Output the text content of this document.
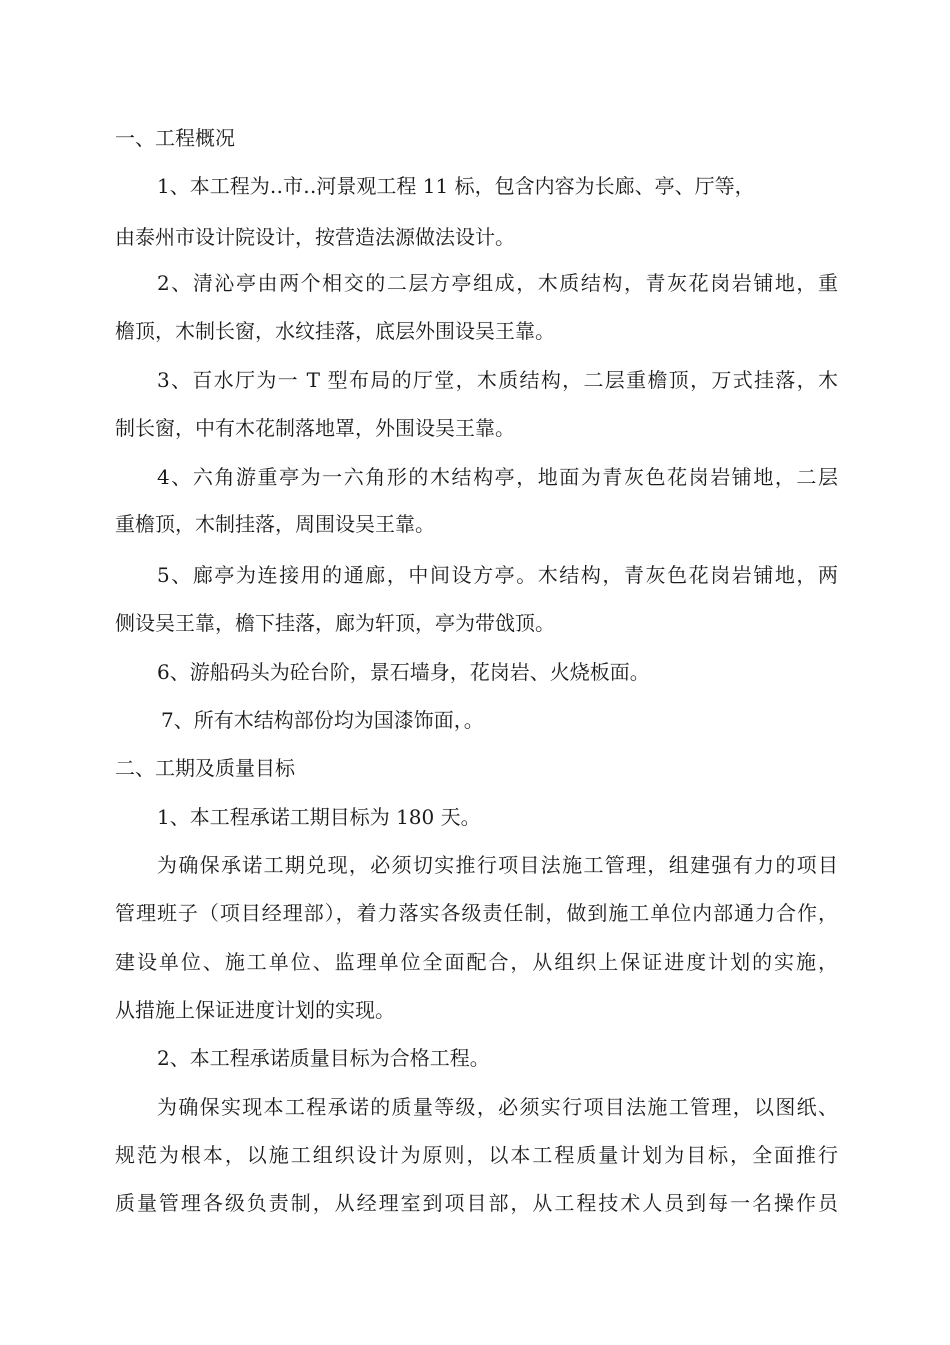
一、工程概况

1、本工程为‥市‥河景观工程 11 标，包含内容为长廊、亭、厅等，

由泰州市设计院设计，按营造法源做法设计。

2、清沁亭由两个相交的二层方亭组成，木质结构，青灰花岗岩铺地，重

檐顶，木制长窗，水纹挂落，底层外围设吴王靠。

3、百水厅为一 T 型布局的厅堂，木质结构，二层重檐顶，万式挂落，木

制长窗，中有木花制落地罩，外围设吴王靠。

4、六角游重亭为一六角形的木结构亭，地面为青灰色花岗岩铺地，二层

重檐顶，木制挂落，周围设吴王靠。

5、廊亭为连接用的通廊，中间设方亭。木结构，青灰色花岗岩铺地，两

侧设吴王靠，檐下挂落，廊为轩顶，亭为带戗顶。

6、游船码头为砼台阶，景石墙身，花岗岩、火烧板面。

7、所有木结构部份均为国漆饰面，。

二、工期及质量目标

1、本工程承诺工期目标为 180 天。

为确保承诺工期兑现，必须切实推行项目法施工管理，组建强有力的项目

管理班子（项目经理部），着力落实各级责任制，做到施工单位内部通力合作，

建设单位、施工单位、监理单位全面配合，从组织上保证进度计划的实施，

从措施上保证进度计划的实现。

2、本工程承诺质量目标为合格工程。

为确保实现本工程承诺的质量等级，必须实行项目法施工管理，以图纸、

规范为根本，以施工组织设计为原则，以本工程质量计划为目标，全面推行

质量管理各级负责制，从经理室到项目部，从工程技术人员到每一名操作员
